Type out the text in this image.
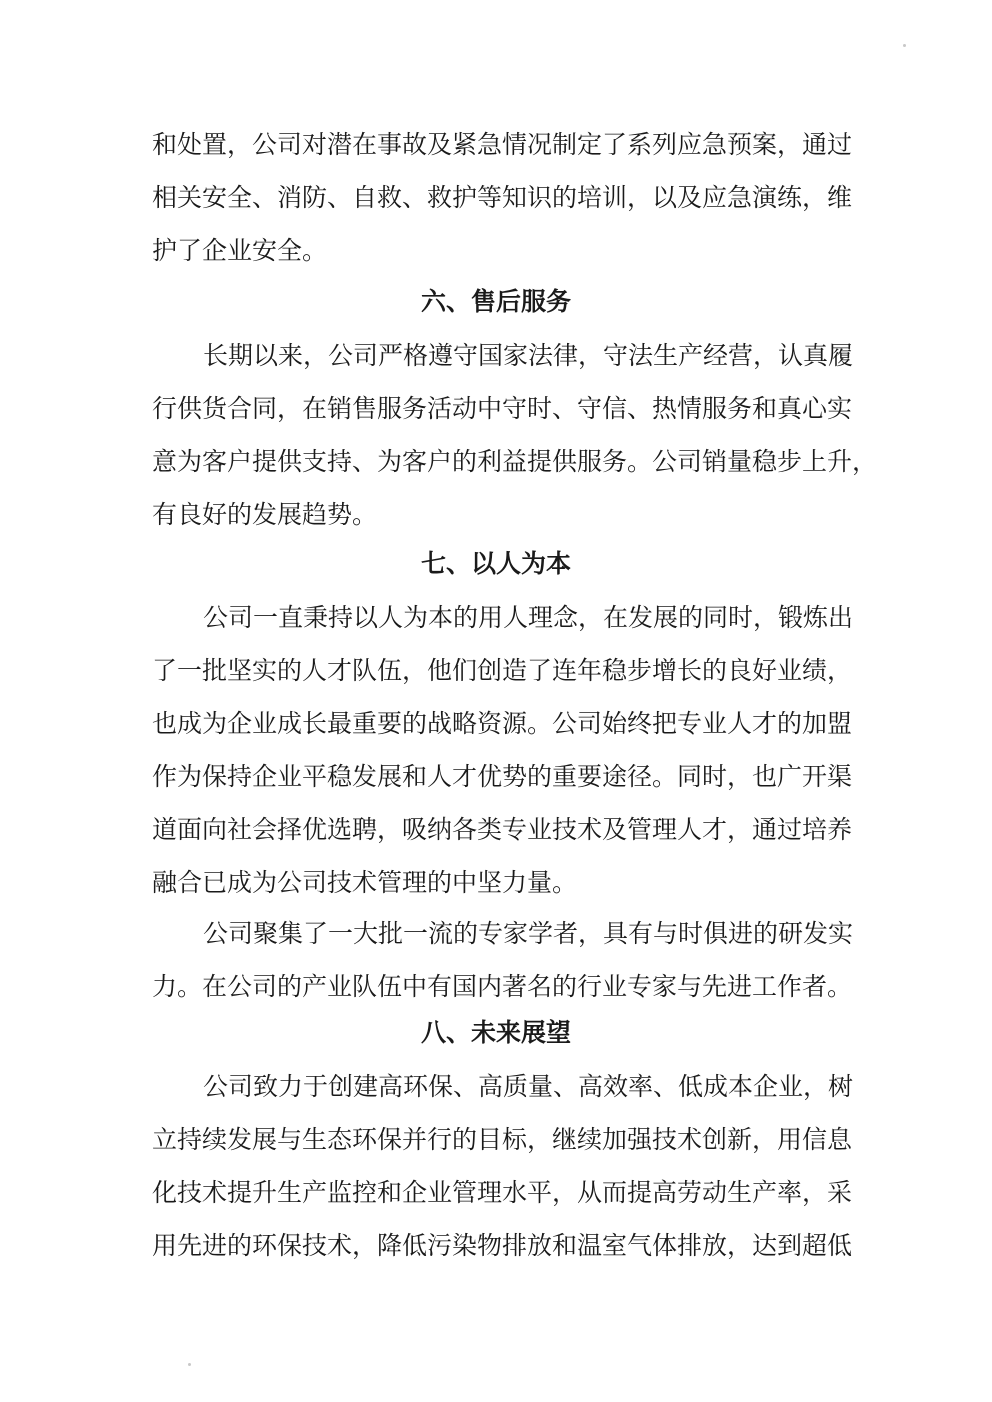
和处置，公司对潜在事故及紧急情况制定了系列应急预案，通过
相关安全、消防、自救、救护等知识的培训，以及应急演练，维
护了企业安全。
六、售后服务
长期以来，公司严格遵守国家法律，守法生产经营，认真履
行供货合同，在销售服务活动中守时、守信、热情服务和真心实
意为客户提供支持、为客户的利益提供服务。公司销量稳步上升，
有良好的发展趋势。
七、以人为本
公司一直秉持以人为本的用人理念，在发展的同时，锻炼出
了一批坚实的人才队伍，他们创造了连年稳步增长的良好业绩，
也成为企业成长最重要的战略资源。公司始终把专业人才的加盟
作为保持企业平稳发展和人才优势的重要途径。同时，也广开渠
道面向社会择优选聘，吸纳各类专业技术及管理人才，通过培养
融合已成为公司技术管理的中坚力量。
公司聚集了一大批一流的专家学者，具有与时俱进的研发实
力。在公司的产业队伍中有国内著名的行业专家与先进工作者。
八、未来展望
公司致力于创建高环保、高质量、高效率、低成本企业，树
立持续发展与生态环保并行的目标，继续加强技术创新，用信息
化技术提升生产监控和企业管理水平，从而提高劳动生产率，采
用先进的环保技术，降低污染物排放和温室气体排放，达到超低
